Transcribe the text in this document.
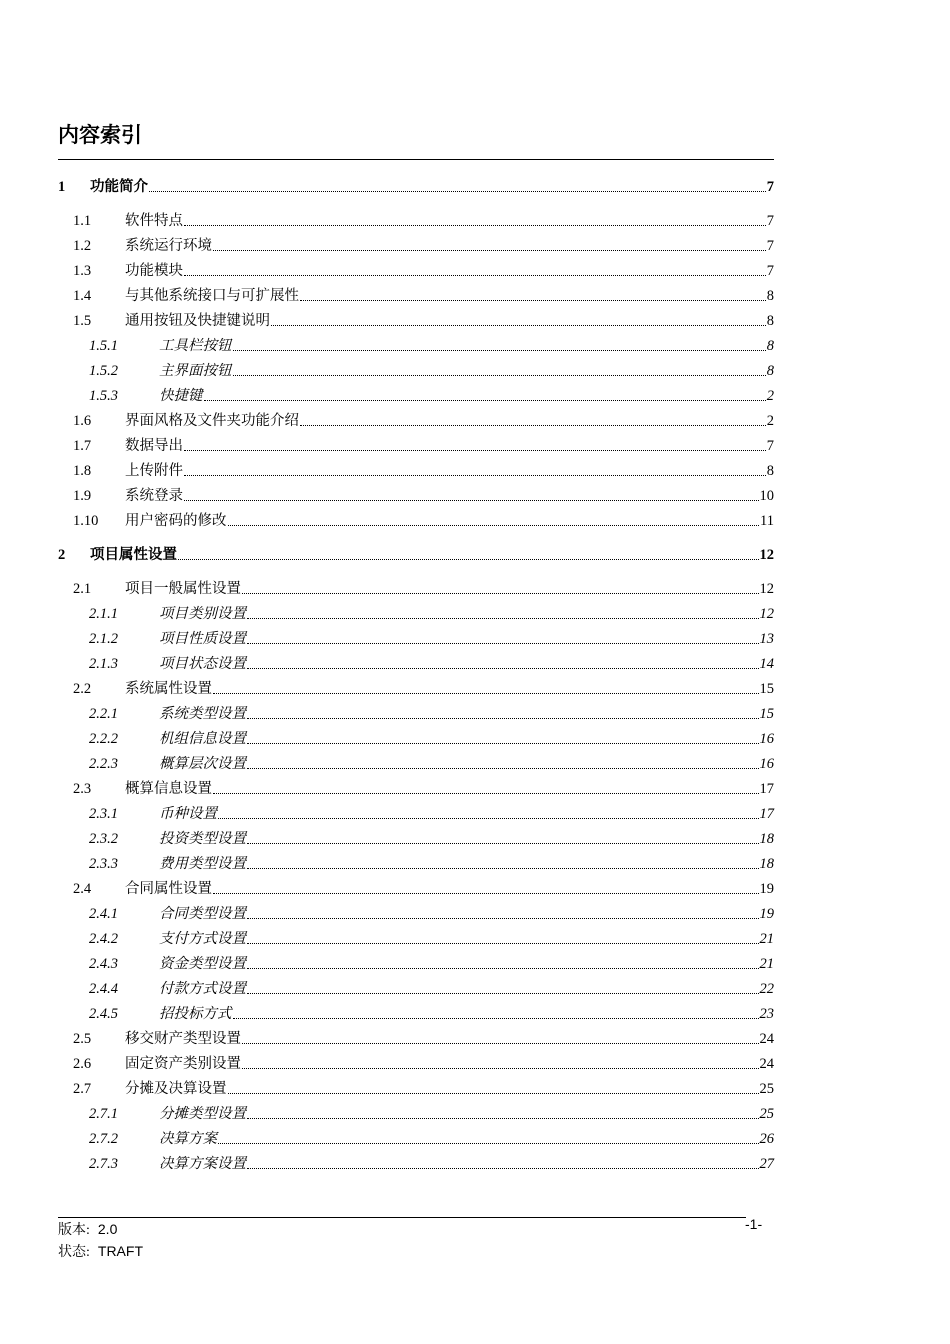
内容索引
1 功能简介	7
1.1 软件特点	7
1.2 系统运行环境	7
1.3 功能模块	7
1.4 与其他系统接口与可扩展性	8
1.5 通用按钮及快捷键说明	8
1.5.1	工具栏按钮	8
1.5.2	主界面按钮	8
1.5.3	快捷键	2
1.6 界面风格及文件夹功能介绍	2
1.7 数据导出	7
1.8 上传附件	8
1.9 系统登录	10
1.10 用户密码的修改	11
2 项目属性设置	12
2.1 项目一般属性设置	12
2.1.1	项目类别设置	12
2.1.2	项目性质设置	13
2.1.3	项目状态设置	14
2.2 系统属性设置	15
2.2.1	系统类型设置	15
2.2.2	机组信息设置	16
2.2.3	概算层次设置	16
2.3 概算信息设置	17
2.3.1	币种设置	17
2.3.2	投资类型设置	18
2.3.3	费用类型设置	18
2.4 合同属性设置	19
2.4.1	合同类型设置	19
2.4.2	支付方式设置	21
2.4.3	资金类型设置	21
2.4.4	付款方式设置	22
2.4.5	招投标方式	23
2.5 移交财产类型设置	24
2.6 固定资产类别设置	24
2.7 分摊及决算设置	25
2.7.1	分摊类型设置	25
2.7.2	决算方案	26
2.7.3	决算方案设置	27
-1-
版本: 2.0
状态: TRAFT
